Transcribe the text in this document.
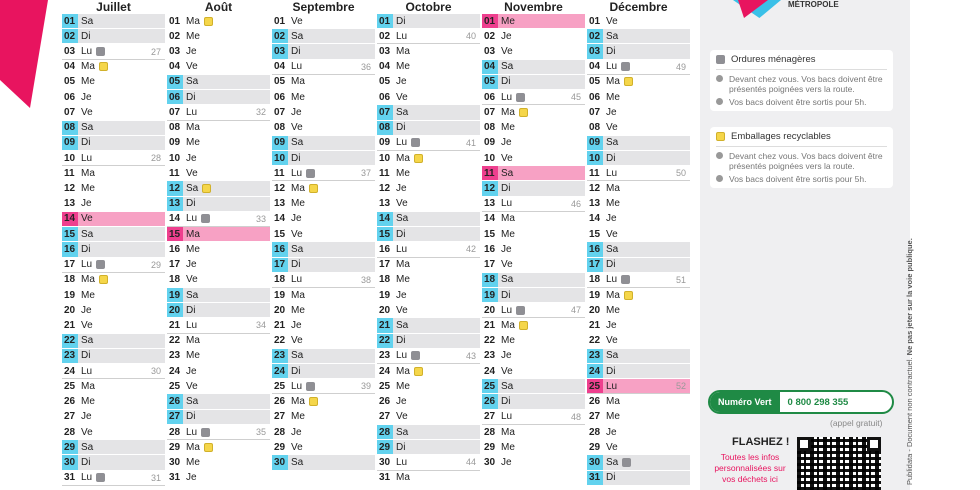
Juillet
01 Sa
02 Di
03 Lu	27
04 Ma
05 Me
06 Je
07 Ve
08 Sa
09 Di
10 Lu	28
11 Ma
12 Me
13 Je
14 Ve
15 Sa
16 Di
17 Lu	29
18 Ma
19 Me
20 Je
21 Ve
22 Sa
23 Di
24 Lu	30
25 Ma
26 Me
27 Je
28 Ve
29 Sa
30 Di
31 Lu	31
Août
01 Ma
02 Me
03 Je
04 Ve
05 Sa
06 Di
07 Lu	32
08 Ma
09 Me
10 Je
11 Ve
12 Sa
13 Di
14 Lu	33
15 Ma
16 Me
17 Je
18 Ve
19 Sa
20 Di
21 Lu	34
22 Ma
23 Me
24 Je
25 Ve
26 Sa
27 Di
28 Lu	35
29 Ma
30 Me
31 Je
Septembre
01 Ve
02 Sa
03 Di
04 Lu	36
05 Ma
06 Me
07 Je
08 Ve
09 Sa
10 Di
11 Lu	37
12 Ma
13 Me
14 Je
15 Ve
16 Sa
17 Di
18 Lu	38
19 Ma
20 Me
21 Je
22 Ve
23 Sa
24 Di
25 Lu	39
26 Ma
27 Me
28 Je
29 Ve
30 Sa
Octobre
01 Di
02 Lu	40
03 Ma
04 Me
05 Je
06 Ve
07 Sa
08 Di
09 Lu	41
10 Ma
11 Me
12 Je
13 Ve
14 Sa
15 Di
16 Lu	42
17 Ma
18 Me
19 Je
20 Ve
21 Sa
22 Di
23 Lu	43
24 Ma
25 Me
26 Je
27 Ve
28 Sa
29 Di
30 Lu	44
31 Ma
Novembre
01 Me
02 Je
03 Ve
04 Sa
05 Di
06 Lu	45
07 Ma
08 Me
09 Je
10 Ve
11 Sa
12 Di
13 Lu	46
14 Ma
15 Me
16 Je
17 Ve
18 Sa
19 Di
20 Lu	47
21 Ma
22 Me
23 Je
24 Ve
25 Sa
26 Di
27 Lu	48
28 Ma
29 Me
30 Je
Décembre
01 Ve
02 Sa
03 Di
04 Lu	49
05 Ma
06 Me
07 Je
08 Ve
09 Sa
10 Di
11 Lu	50
12 Ma
13 Me
14 Je
15 Ve
16 Sa
17 Di
18 Lu	51
19 Ma
20 Me
21 Je
22 Ve
23 Sa
24 Di
25 Lu	52
26 Ma
27 Me
28 Je
29 Ve
30 Sa
31 Di
MÉTROPOLE
Ordures ménagères
Devant chez vous. Vos bacs doivent être présentés poignées vers la route.
Vos bacs doivent être sortis pour 5h.
Emballages recyclables
Devant chez vous. Vos bacs doivent être présentés poignées vers la route.
Vos bacs doivent être sortis pour 5h.
Numéro Vert	0 800 298 355
(appel gratuit)
FLASHEZ !
Toutes les infos personnalisées sur vos déchets ici	Publidata - Document non contractuel. Ne pas jeter sur la voie publique.
